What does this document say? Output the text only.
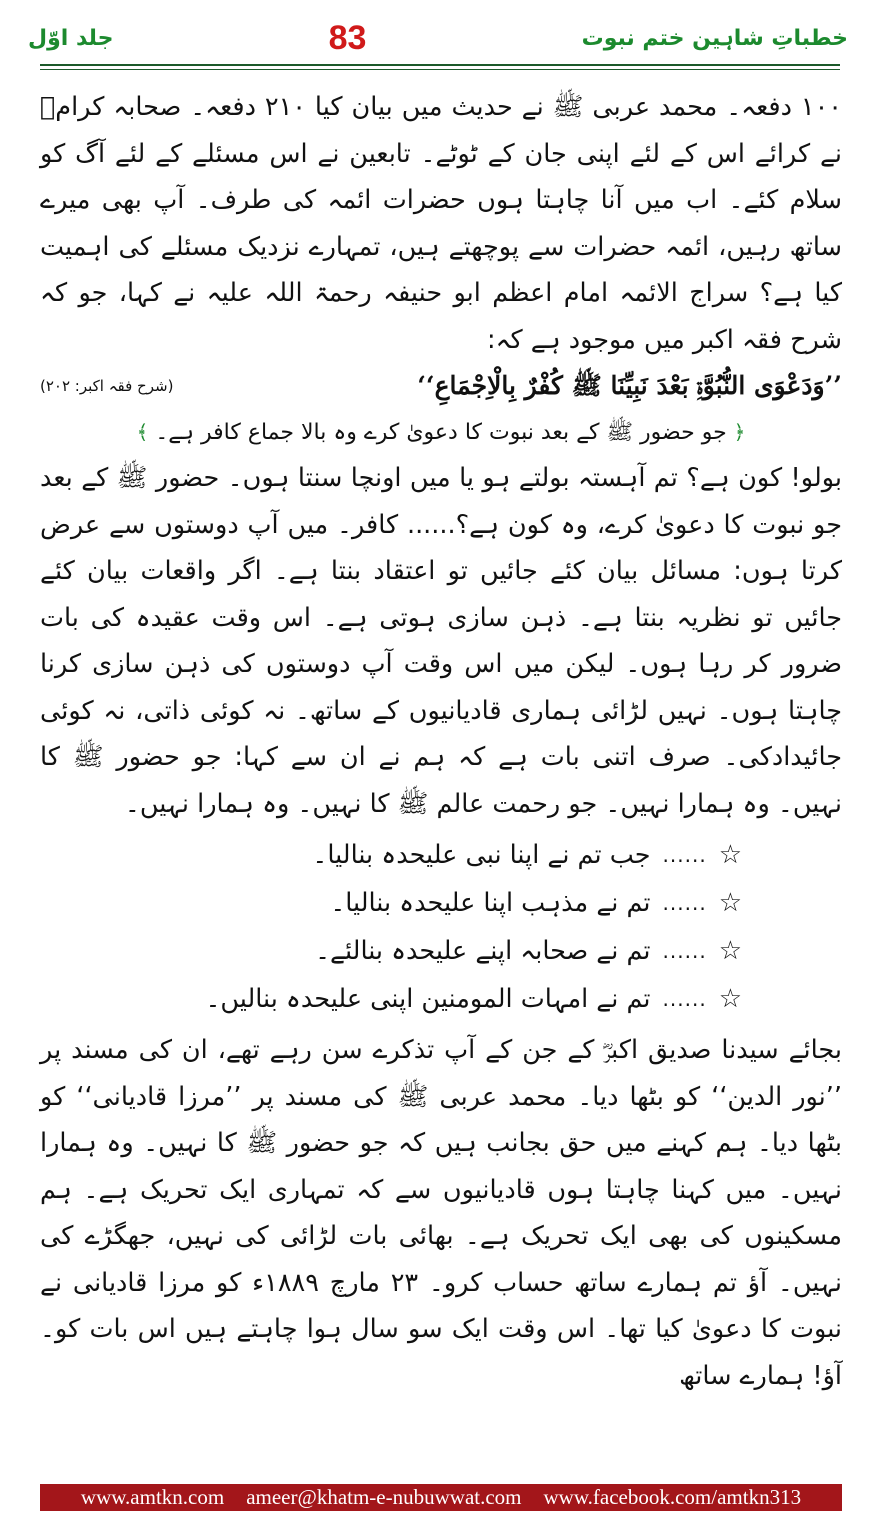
جلد اوّل	83	خطباتِ شاہین ختم نبوت

۱۰۰ دفعہ۔ محمد عربی ﷺ نے حدیث میں بیان کیا ۲۱۰ دفعہ۔ صحابہ کرامؓ نے کرائے اس کے لئے اپنی جان کے ٹوٹے۔ تابعین نے اس مسئلے کے لئے آگ کو سلام کئے۔ اب میں آنا چاہتا ہوں حضرات ائمہ کی طرف۔ آپ بھی میرے ساتھ رہیں، ائمہ حضرات سے پوچھتے ہیں، تمہارے نزدیک مسئلے کی اہمیت کیا ہے؟ سراج الائمہ امام اعظم ابو حنیفہ رحمۃ اللہ علیہ نے کہا، جو کہ شرح فقہ اکبر میں موجود ہے کہ:

’’وَدَعْوَی النُّبُوَّۃِ بَعْدَ نَبِیِّنَا ﷺ کُفْرٌ بِالْاِجْمَاعِ‘‘
(شرح فقہ اکبر: ۲۰۲)
﴿ جو حضور ﷺ کے بعد نبوت کا دعویٰ کرے وہ بالا جماع کافر ہے۔ ﴾

بولو! کون ہے؟ تم آہستہ بولتے ہو یا میں اونچا سنتا ہوں۔ حضور ﷺ کے بعد جو نبوت کا دعویٰ کرے، وہ کون ہے؟...... کافر۔ میں آپ دوستوں سے عرض کرتا ہوں: مسائل بیان کئے جائیں تو اعتقاد بنتا ہے۔ اگر واقعات بیان کئے جائیں تو نظریہ بنتا ہے۔ ذہن سازی ہوتی ہے۔ اس وقت عقیدہ کی بات ضرور کر رہا ہوں۔ لیکن میں اس وقت آپ دوستوں کی ذہن سازی کرنا چاہتا ہوں۔ نہیں لڑائی ہماری قادیانیوں کے ساتھ۔ نہ کوئی ذاتی، نہ کوئی جائیدادکی۔ صرف اتنی بات ہے کہ ہم نے ان سے کہا: جو حضور ﷺ کا نہیں۔ وہ ہمارا نہیں۔ جو رحمت عالم ﷺ کا نہیں۔ وہ ہمارا نہیں۔

☆
......
جب تم نے اپنا نبی علیحدہ بنالیا۔
☆
......
تم نے مذہب اپنا علیحدہ بنالیا۔
☆
......
تم نے صحابہ اپنے علیحدہ بنالئے۔
☆
......
تم نے امہات المومنین اپنی علیحدہ بنالیں۔

بجائے سیدنا صدیق اکبرؓ کے جن کے آپ تذکرے سن رہے تھے، ان کی مسند پر ’’نور الدین‘‘ کو بٹھا دیا۔ محمد عربی ﷺ کی مسند پر ’’مرزا قادیانی‘‘ کو بٹھا دیا۔ ہم کہنے میں حق بجانب ہیں کہ جو حضور ﷺ کا نہیں۔ وہ ہمارا نہیں۔ میں کہنا چاہتا ہوں قادیانیوں سے کہ تمہاری ایک تحریک ہے۔ ہم مسکینوں کی بھی ایک تحریک ہے۔ بھائی بات لڑائی کی نہیں، جھگڑے کی نہیں۔ آؤ تم ہمارے ساتھ حساب کرو۔ ۲۳ مارچ ۱۸۸۹ء کو مرزا قادیانی نے نبوت کا دعویٰ کیا تھا۔ اس وقت ایک سو سال ہوا چاہتے ہیں اس بات کو۔ آؤ! ہمارے ساتھ

www.amtkn.com ameer@khatm-e-nubuwwat.com www.facebook.com/amtkn313
